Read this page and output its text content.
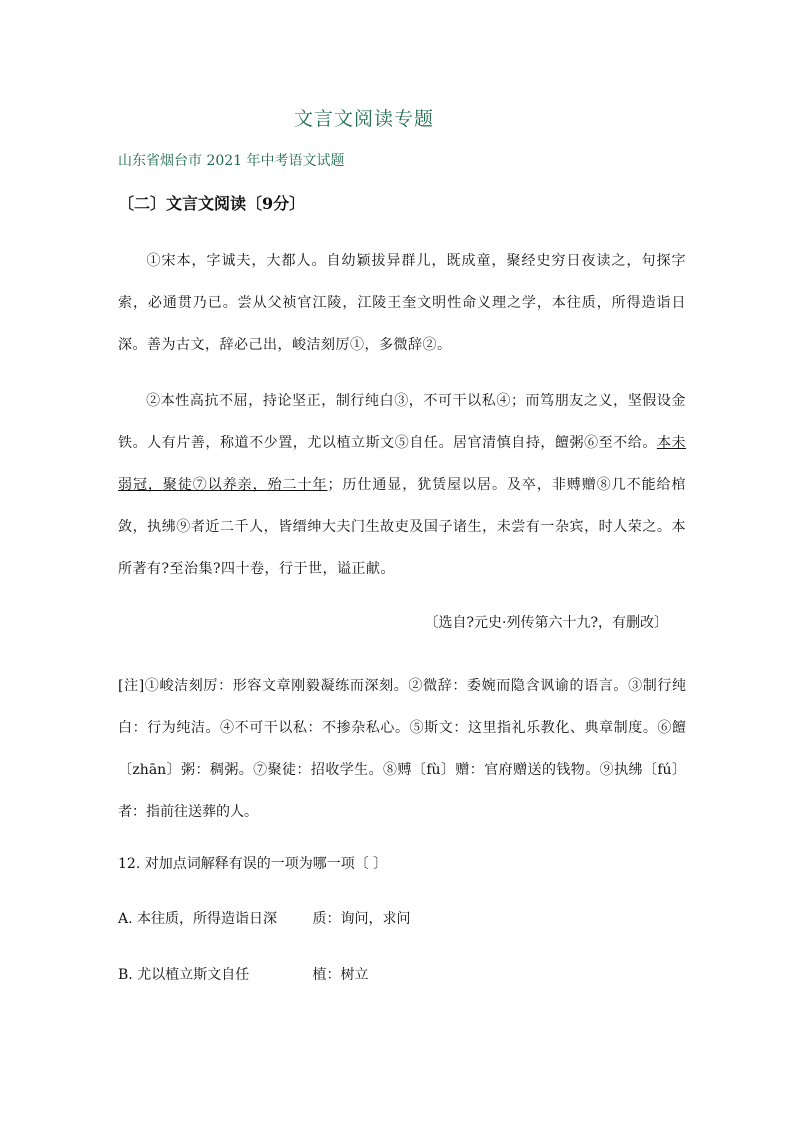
文言文阅读专题
山东省烟台市 2021 年中考语文试题
〔二〕文言文阅读〔9分〕
①宋本，字诚夫，大都人。自幼颖拔异群儿，既成童，聚经史穷日夜读之，句探字索，必通贯乃已。尝从父祯官江陵，江陵王奎文明性命义理之学，本往质，所得造诣日深。善为古文，辞必己出，峻洁刻厉①，多微辞②。
②本性高抗不屈，持论坚正，制行纯白③，不可干以私④；而笃朋友之义，坚假设金铁。人有片善，称道不少置，尤以植立斯文⑤自任。居官清慎自持，饘粥⑥至不给。本未弱冠，聚徒⑦以养亲，殆二十年；历仕通显，犹赁屋以居。及卒，非赙赠⑧几不能给棺敛，执绋⑨者近二千人，皆缙绅大夫门生故吏及国子诸生，未尝有一杂宾，时人荣之。本所著有?至治集?四十卷，行于世，谥正献。
〔选自?元史·列传第六十九?，有删改〕
[注]①峻洁刻厉：形容文章刚毅凝练而深刻。②微辞：委婉而隐含讽谕的语言。③制行纯白：行为纯洁。④不可干以私：不掺杂私心。⑤斯文：这里指礼乐教化、典章制度。⑥饘〔zhān〕粥：稠粥。⑦聚徒：招收学生。⑧赙〔fù〕赠：官府赠送的钱物。⑨执绋〔fú〕者：指前往送葬的人。
12. 对加点词解释有误的一项为哪一项〔 〕
A. 本往质，所得造诣日深	质：询问，求问
B. 尤以植立斯文自任	植：树立
